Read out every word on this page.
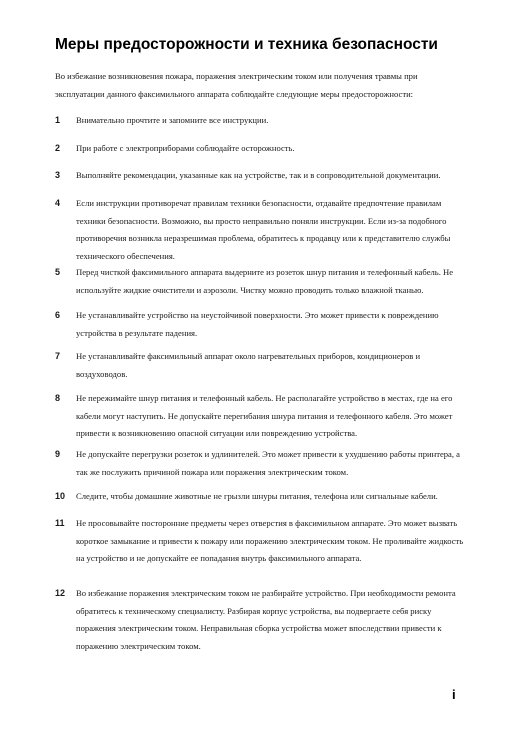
Меры предосторожности и техника безопасности
Во избежание возникновения пожара, поражения электрическим током или получения травмы при эксплуатации данного факсимильного аппарата соблюдайте следующие меры предосторожности:
1	Внимательно прочтите и запомните все инструкции.
2	При работе с электроприборами соблюдайте осторожность.
3	Выполняйте рекомендации, указанные как на устройстве, так и в сопроводительной документации.
4	Если инструкции противоречат правилам техники безопасности, отдавайте предпочтение правилам техники безопасности. Возможно, вы просто неправильно поняли инструкции. Если из-за подобного противоречия возникла неразрешимая проблема, обратитесь к продавцу или к представителю службы технического обеспечения.
5	Перед чисткой факсимильного аппарата выдерните из розеток шнур питания и телефонный кабель. Не используйте жидкие очистители и аэрозоли. Чистку можно проводить только влажной тканью.
6	Не устанавливайте устройство на неустойчивой поверхности. Это может привести к повреждению устройства в результате падения.
7	Не устанавливайте факсимильный аппарат около нагревательных приборов, кондиционеров и воздуховодов.
8	Не пережимайте шнур питания и телефонный кабель. Не располагайте устройство в местах, где на его кабели могут наступить. Не допускайте перегибания шнура питания и телефонного кабеля. Это может привести к возникновению опасной ситуации или повреждению устройства.
9	Не допускайте перегрузки розеток и удлинителей. Это может привести к ухудшению работы принтера, а так же послужить причиной пожара или поражения электрическим током.
10	Следите, чтобы домашние животные не грызли шнуры питания, телефона или сигнальные кабели.
11	Не просовывайте посторонние предметы через отверстия в факсимильном аппарате. Это может вызвать короткое замыкание и привести к пожару или поражению электрическим током. Не проливайте жидкость на устройство и не допускайте ее попадания внутрь факсимильного аппарата.
12	Во избежание поражения электрическим током не разбирайте устройство. При необходимости ремонта обратитесь к техническому специалисту. Разбирая корпус устройства, вы подвергаете себя риску поражения электрическим током. Неправильная сборка устройства может впоследствии привести к поражению электрическим током.
i
